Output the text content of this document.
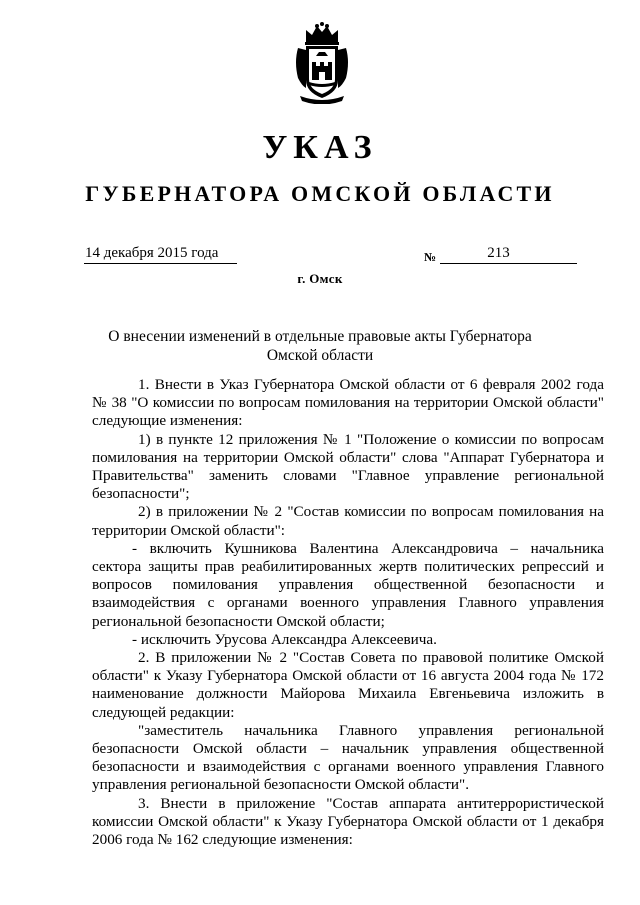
УКАЗ
ГУБЕРНАТОРА ОМСКОЙ ОБЛАСТИ
14 декабря 2015 года	№	213
г. Омск
О внесении изменений в отдельные правовые акты Губернатора
Омской области

1. Внести в Указ Губернатора Омской области от 6 февраля 2002 года № 38 "О комиссии по вопросам помилования на территории Омской области" следующие изменения:

1) в пункте 12 приложения № 1 "Положение о комиссии по вопросам помилования на территории Омской области" слова "Аппарат Губернатора и Правительства" заменить словами "Главное управление региональной безопасности";

2) в приложении № 2 "Состав комиссии по вопросам помилования на территории Омской области":

- включить Кушникова Валентина Александровича – начальника сектора защиты прав реабилитированных жертв политических репрессий и вопросов помилования управления общественной безопасности и взаимодействия с органами военного управления Главного управления региональной безопасности Омской области;

- исключить Урусова Александра Алексеевича.

2. В приложении № 2 "Состав Совета по правовой политике Омской области" к Указу Губернатора Омской области от 16 августа 2004 года № 172 наименование должности Майорова Михаила Евгеньевича изложить в следующей редакции:

"заместитель начальника Главного управления региональной безопасности Омской области – начальник управления общественной безопасности и взаимодействия с органами военного управления Главного управления региональной безопасности Омской области".

3. Внести в приложение "Состав аппарата антитеррористической комиссии Омской области" к Указу Губернатора Омской области от 1 декабря 2006 года № 162 следующие изменения:
